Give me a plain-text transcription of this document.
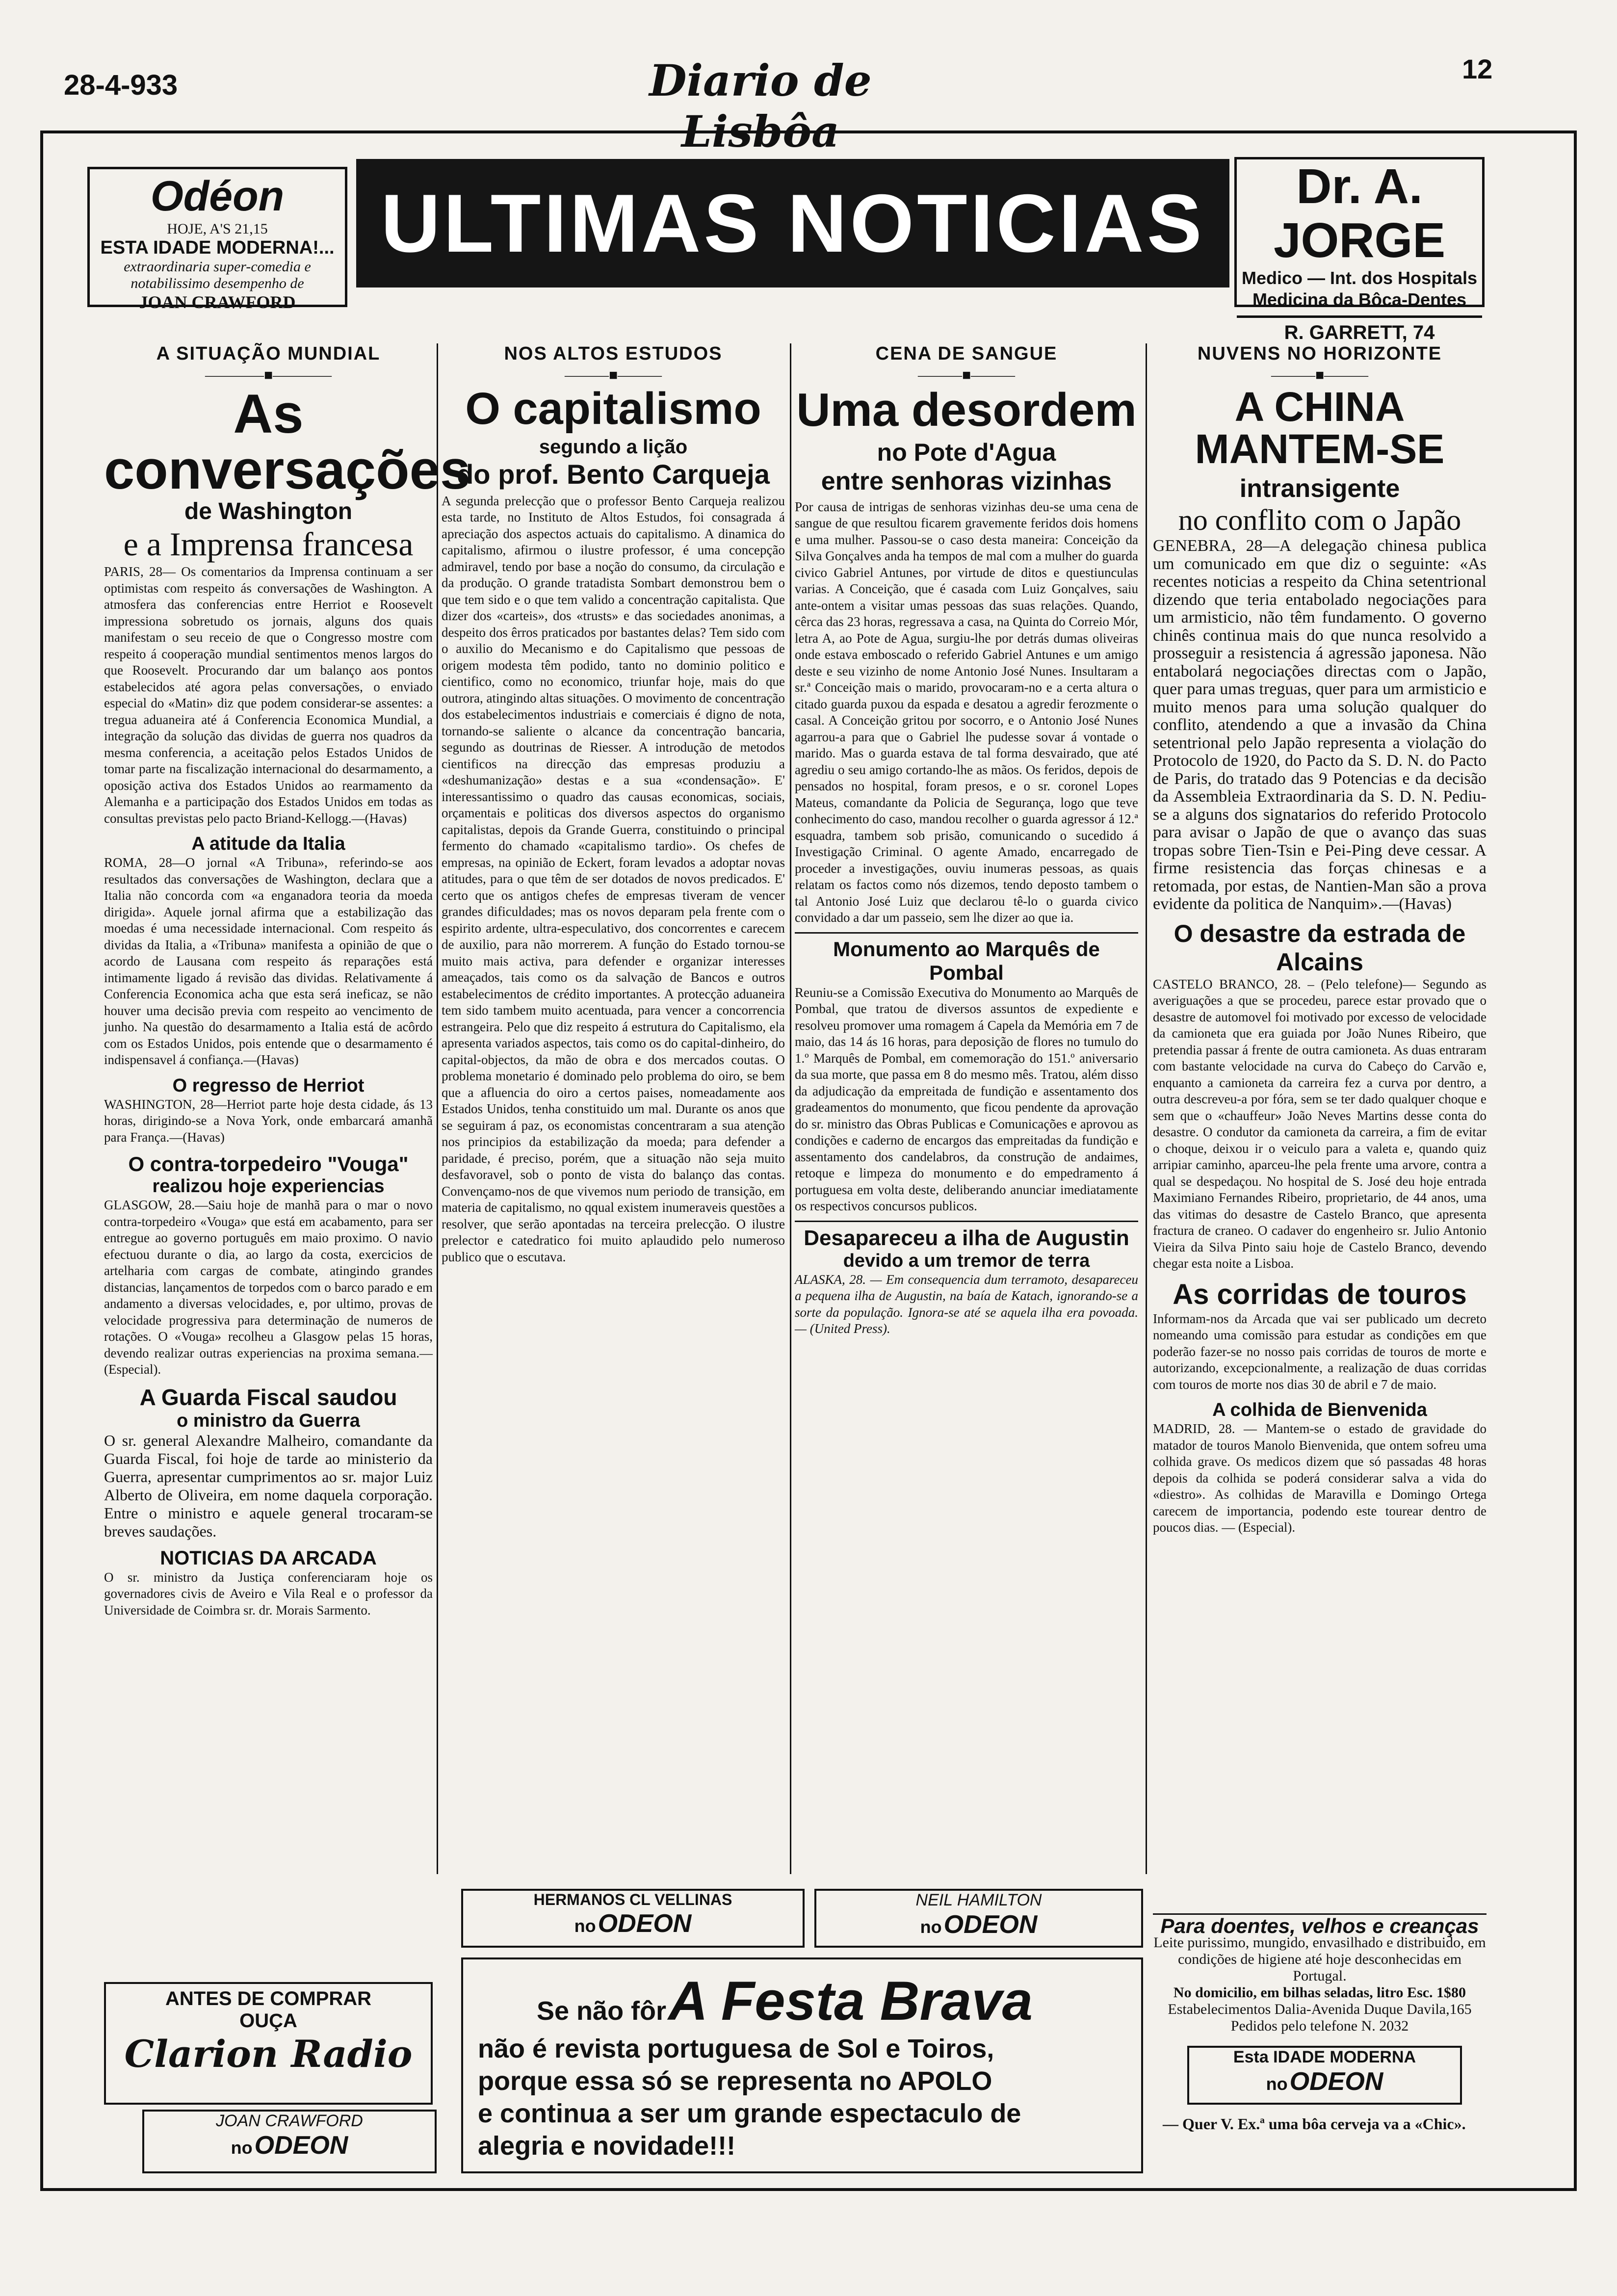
28-4-933	Diario de Lisbôa
12
Odéon
HOJE, A'S 21,15
ESTA IDADE MODERNA!...
extraordinaria super-comedia e notabilissimo desempenho de
JOAN CRAWFORD
ULTIMAS NOTICIAS	Dr. A. JORGE
Medico — Int. dos Hospitals
Medicina da Bôca-Dentes
R. GARRETT, 74
A SITUAÇÃO MUNDIAL
————■————
As conversações
de Washington
e a Imprensa francesa

PARIS, 28— Os comentarios da Imprensa continuam a ser optimistas com respeito ás conversações de Washington. A atmosfera das conferencias entre Herriot e Roosevelt impressiona sobretudo os jornais, alguns dos quais manifestam o seu receio de que o Congresso mostre com respeito á cooperação mundial sentimentos menos largos do que Roosevelt. Procurando dar um balanço aos pontos estabelecidos até agora pelas conversações, o enviado especial do «Matin» diz que podem considerar-se assentes: a tregua aduaneira até á Conferencia Economica Mundial, a integração da solução das dividas de guerra nos quadros da mesma conferencia, a aceitação pelos Estados Unidos de tomar parte na fiscalização internacional do desarmamento, a oposição activa dos Estados Unidos ao rearmamento da Alemanha e a participação dos Estados Unidos em todas as consultas previstas pelo pacto Briand-Kellogg.—(Havas)

A atitude da Italia

ROMA, 28—O jornal «A Tribuna», referindo-se aos resultados das conversações de Washington, declara que a Italia não concorda com «a enganadora teoria da moeda dirigida». Aquele jornal afirma que a estabilização das moedas é uma necessidade internacional. Com respeito ás dividas da Italia, a «Tribuna» manifesta a opinião de que o acordo de Lausana com respeito ás reparações está intimamente ligado á revisão das dividas. Relativamente á Conferencia Economica acha que esta será ineficaz, se não houver uma decisão previa com respeito ao vencimento de junho. Na questão do desarmamento a Italia está de acôrdo com os Estados Unidos, pois entende que o desarmamento é indispensavel á confiança.—(Havas)

O regresso de Herriot

WASHINGTON, 28—Herriot parte hoje desta cidade, ás 13 horas, dirigindo-se a Nova York, onde embarcará amanhã para França.—(Havas)

O contra-torpedeiro "Vouga"
realizou hoje experiencias

GLASGOW, 28.—Saiu hoje de manhã para o mar o novo contra-torpedeiro «Vouga» que está em acabamento, para ser entregue ao governo português em maio proximo. O navio efectuou durante o dia, ao largo da costa, exercicios de artelharia com cargas de combate, atingindo grandes distancias, lançamentos de torpedos com o barco parado e em andamento a diversas velocidades, e, por ultimo, provas de velocidade progressiva para determinação de numeros de rotações. O «Vouga» recolheu a Glasgow pelas 15 horas, devendo realizar outras experiencias na proxima semana.—(Especial).

A Guarda Fiscal saudou
o ministro da Guerra

O sr. general Alexandre Malheiro, comandante da Guarda Fiscal, foi hoje de tarde ao ministerio da Guerra, apresentar cumprimentos ao sr. major Luiz Alberto de Oliveira, em nome daquela corporação. Entre o ministro e aquele general trocaram-se breves saudações.

NOTICIAS DA ARCADA

O sr. ministro da Justiça conferenciaram hoje os governadores civis de Aveiro e Vila Real e o professor da Universidade de Coimbra sr. dr. Morais Sarmento.

ANTES DE COMPRAR
OUÇA
Clarion Radio
JOAN CRAWFORD
no ODEON
NOS ALTOS ESTUDOS
———■———
O capitalismo
segundo a lição
do prof. Bento Carqueja

A segunda prelecção que o professor Bento Carqueja realizou esta tarde, no Instituto de Altos Estudos, foi consagrada á apreciação dos aspectos actuais do capitalismo. A dinamica do capitalismo, afirmou o ilustre professor, é uma concepção admiravel, tendo por base a noção do consumo, da circulação e da produção. O grande tratadista Sombart demonstrou bem o que tem sido e o que tem valido a concentração capitalista. Que dizer dos «carteis», dos «trusts» e das sociedades anonimas, a despeito dos êrros praticados por bastantes delas? Tem sido com o auxilio do Mecanismo e do Capitalismo que pessoas de origem modesta têm podido, tanto no dominio politico e cientifico, como no economico, triunfar hoje, mais do que outrora, atingindo altas situações. O movimento de concentração dos estabelecimentos industriais e comerciais é digno de nota, tornando-se saliente o alcance da concentração bancaria, segundo as doutrinas de Riesser. A introdução de metodos cientificos na direcção das empresas produziu a «deshumanização» destas e a sua «condensação». E' interessantissimo o quadro das causas economicas, sociais, orçamentais e politicas dos diversos aspectos do organismo capitalistas, depois da Grande Guerra, constituindo o principal fermento do chamado «capitalismo tardio». Os chefes de empresas, na opinião de Eckert, foram levados a adoptar novas atitudes, para o que têm de ser dotados de novos predicados. E' certo que os antigos chefes de empresas tiveram de vencer grandes dificuldades; mas os novos deparam pela frente com o espirito ardente, ultra-especulativo, dos concorrentes e carecem de auxilio, para não morrerem. A função do Estado tornou-se muito mais activa, para defender e organizar interesses ameaçados, tais como os da salvação de Bancos e outros estabelecimentos de crédito importantes. A protecção aduaneira tem sido tambem muito acentuada, para vencer a concorrencia estrangeira. Pelo que diz respeito á estrutura do Capitalismo, ela apresenta variados aspectos, tais como os do capital-dinheiro, do capital-objectos, da mão de obra e dos mercados coutas. O problema monetario é dominado pelo problema do oiro, se bem que a afluencia do oiro a certos paises, nomeadamente aos Estados Unidos, tenha constituido um mal. Durante os anos que se seguiram á paz, os economistas concentraram a sua atenção nos principios da estabilização da moeda; para defender a paridade, é preciso, porém, que a situação não seja muito desfavoravel, sob o ponto de vista do balanço das contas. Convençamo-nos de que vivemos num periodo de transição, em materia de capitalismo, no qqual existem inumeraveis questões a resolver, que serão apontadas na terceira prelecção. O ilustre prelector e catedratico foi muito aplaudido pelo numeroso publico que o escutava.

CENA DE SANGUE
———■———
Uma desordem
no Pote d'Agua
entre senhoras vizinhas

Por causa de intrigas de senhoras vizinhas deu-se uma cena de sangue de que resultou ficarem gravemente feridos dois homens e uma mulher. Passou-se o caso desta maneira: Conceição da Silva Gonçalves anda ha tempos de mal com a mulher do guarda civico Gabriel Antunes, por virtude de ditos e questiunculas varias. A Conceição, que é casada com Luiz Gonçalves, saiu ante-ontem a visitar umas pessoas das suas relações. Quando, cêrca das 23 horas, regressava a casa, na Quinta do Correio Mór, letra A, ao Pote de Agua, surgiu-lhe por detrás dumas oliveiras onde estava emboscado o referido Gabriel Antunes e um amigo deste e seu vizinho de nome Antonio José Nunes. Insultaram a sr.ª Conceição mais o marido, provocaram-no e a certa altura o citado guarda puxou da espada e desatou a agredir ferozmente o casal. A Conceição gritou por socorro, e o Antonio José Nunes agarrou-a para que o Gabriel lhe pudesse sovar á vontade o marido. Mas o guarda estava de tal forma desvairado, que até agrediu o seu amigo cortando-lhe as mãos. Os feridos, depois de pensados no hospital, foram presos, e o sr. coronel Lopes Mateus, comandante da Policia de Segurança, logo que teve conhecimento do caso, mandou recolher o guarda agressor á 12.ª esquadra, tambem sob prisão, comunicando o sucedido á Investigação Criminal. O agente Amado, encarregado de proceder a investigações, ouviu inumeras pessoas, as quais relatam os factos como nós dizemos, tendo deposto tambem o tal Antonio José Luiz que declarou tê-lo o guarda civico convidado a dar um passeio, sem lhe dizer ao que ia.

Monumento ao Marquês de Pombal

Reuniu-se a Comissão Executiva do Monumento ao Marquês de Pombal, que tratou de diversos assuntos de expediente e resolveu promover uma romagem á Capela da Memória em 7 de maio, das 14 ás 16 horas, para deposição de flores no tumulo do 1.º Marquês de Pombal, em comemoração do 151.º aniversario da sua morte, que passa em 8 do mesmo mês. Tratou, além disso da adjudicação da empreitada de fundição e assentamento dos gradeamentos do monumento, que ficou pendente da aprovação do sr. ministro das Obras Publicas e Comunicações e aprovou as condições e caderno de encargos das empreitadas da fundição e assentamento dos candelabros, da construção de andaimes, retoque e limpeza do monumento e do empedramento á portuguesa em volta deste, deliberando anunciar imediatamente os respectivos concursos publicos.

Desapareceu a ilha de Augustin
devido a um tremor de terra

ALASKA, 28. — Em consequencia dum terramoto, desapareceu a pequena ilha de Augustin, na baía de Katach, ignorando-se a sorte da população. Ignora-se até se aquela ilha era povoada. — (United Press).

HERMANOS CL VELLINAS
no ODEON
NEIL HAMILTON
no ODEON
Se não fôr A Festa Brava
não é revista portuguesa de Sol e Toiros,
porque essa só se representa no APOLO
e continua a ser um grande espectaculo de
alegria e novidade!!!
NUVENS NO HORIZONTE
———■———
A CHINA MANTEM-SE
intransigente
no conflito com o Japão

GENEBRA, 28—A delegação chinesa publica um comunicado em que diz o seguinte: «As recentes noticias a respeito da China setentrional dizendo que teria entabolado negociações para um armisticio, não têm fundamento. O governo chinês continua mais do que nunca resolvido a prosseguir a resistencia á agressão japonesa. Não entabolará negociações directas com o Japão, quer para umas treguas, quer para um armisticio e muito menos para uma solução qualquer do conflito, atendendo a que a invasão da China setentrional pelo Japão representa a violação do Protocolo de 1920, do Pacto da S. D. N. do Pacto de Paris, do tratado das 9 Potencias e da decisão da Assembleia Extraordinaria da S. D. N. Pediu-se a alguns dos signatarios do referido Protocolo para avisar o Japão de que o avanço das suas tropas sobre Tien-Tsin e Pei-Ping deve cessar. A firme resistencia das forças chinesas e a retomada, por estas, de Nantien-Man são a prova evidente da politica de Nanquim».—(Havas)

O desastre da estrada de Alcains

CASTELO BRANCO, 28. – (Pelo telefone)— Segundo as averiguações a que se procedeu, parece estar provado que o desastre de automovel foi motivado por excesso de velocidade da camioneta que era guiada por João Nunes Ribeiro, que pretendia passar á frente de outra camioneta. As duas entraram com bastante velocidade na curva do Cabeço do Carvão e, enquanto a camioneta da carreira fez a curva por dentro, a outra descreveu-a por fóra, sem se ter dado qualquer choque e sem que o «chauffeur» João Neves Martins desse conta do desastre. O condutor da camioneta da carreira, a fim de evitar o choque, deixou ir o veiculo para a valeta e, quando quiz arripiar caminho, aparceu-lhe pela frente uma arvore, contra a qual se despedaçou. No hospital de S. José deu hoje entrada Maximiano Fernandes Ribeiro, proprietario, de 44 anos, uma das vitimas do desastre de Castelo Branco, que apresenta fractura de craneo. O cadaver do engenheiro sr. Julio Antonio Vieira da Silva Pinto saiu hoje de Castelo Branco, devendo chegar esta noite a Lisboa.

As corridas de touros

Informam-nos da Arcada que vai ser publicado um decreto nomeando uma comissão para estudar as condições em que poderão fazer-se no nosso pais corridas de touros de morte e autorizando, excepcionalmente, a realização de duas corridas com touros de morte nos dias 30 de abril e 7 de maio.

A colhida de Bienvenida

MADRID, 28. — Mantem-se o estado de gravidade do matador de touros Manolo Bienvenida, que ontem sofreu uma colhida grave. Os medicos dizem que só passadas 48 horas depois da colhida se poderá considerar salva a vida do «diestro». As colhidas de Maravilla e Domingo Ortega carecem de importancia, podendo este tourear dentro de poucos dias. — (Especial).

Para doentes, velhos e creanças
Leite purissimo, mungido, envasilhado e distribuido, em condições de higiene até hoje desconhecidas em Portugal.
No domicilio, em bilhas seladas, litro Esc. 1$80
Estabelecimentos Dalia-Avenida Duque Davila,165
Pedidos pelo telefone N. 2032
Esta IDADE MODERNA
no ODEON
— Quer V. Ex.ª uma bôa cerveja va a «Chic».
